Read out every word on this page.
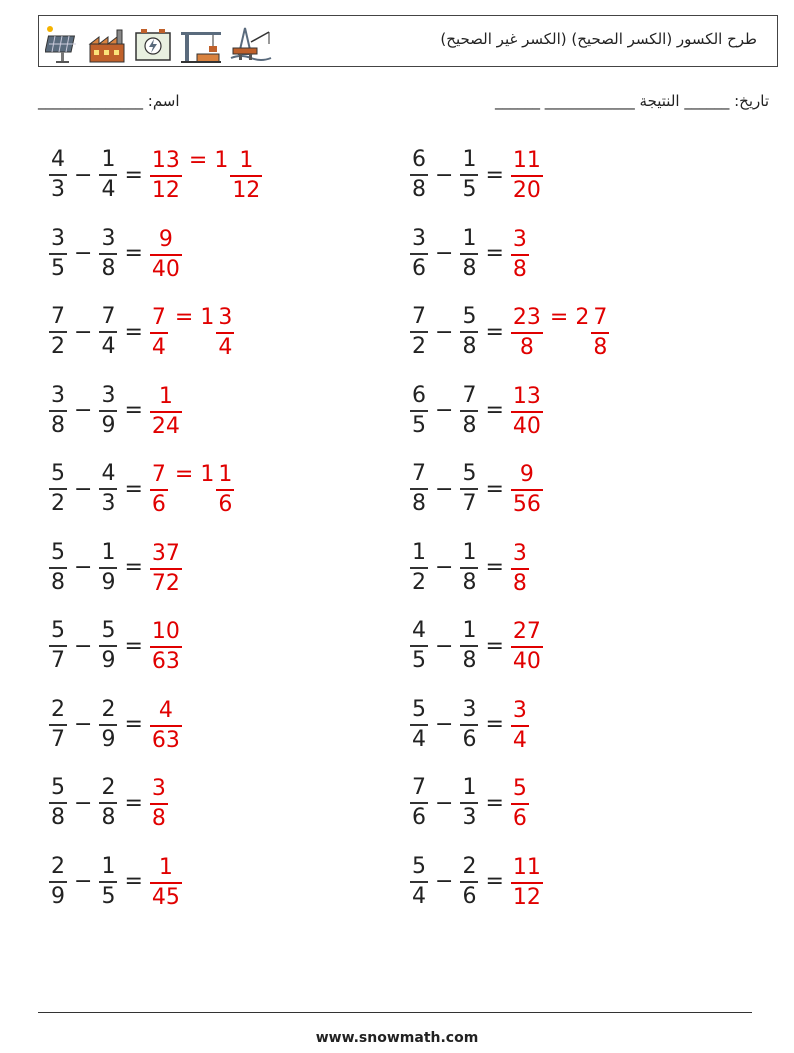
طرح الكسور (الكسر الصحيح) (الكسر غير الصحيح)
اسم: ______________	تاريخ: ______ النتيجة ____________ ______
$\frac{4}{3} - \frac{1}{4} = \frac{13}{12} = 1 \frac{1}{12}$	$\frac{6}{8} - \frac{1}{5} = \frac{11}{20}$
$\frac{3}{5} - \frac{3}{8} = \frac{9}{40}$	$\frac{3}{6} - \frac{1}{8} = \frac{3}{8}$
$\frac{7}{2} - \frac{7}{4} = \frac{7}{4} = 1 \frac{3}{4}$	$\frac{7}{2} - \frac{5}{8} = \frac{23}{8} = 2 \frac{7}{8}$
$\frac{3}{8} - \frac{3}{9} = \frac{1}{24}$	$\frac{6}{5} - \frac{7}{8} = \frac{13}{40}$
$\frac{5}{2} - \frac{4}{3} = \frac{7}{6} = 1 \frac{1}{6}$	$\frac{7}{8} - \frac{5}{7} = \frac{9}{56}$
$\frac{5}{8} - \frac{1}{9} = \frac{37}{72}$	$\frac{1}{2} - \frac{1}{8} = \frac{3}{8}$
$\frac{5}{7} - \frac{5}{9} = \frac{10}{63}$	$\frac{4}{5} - \frac{1}{8} = \frac{27}{40}$
$\frac{2}{7} - \frac{2}{9} = \frac{4}{63}$	$\frac{5}{4} - \frac{3}{6} = \frac{3}{4}$
$\frac{5}{8} - \frac{2}{8} = \frac{3}{8}$	$\frac{7}{6} - \frac{1}{3} = \frac{5}{6}$
$\frac{2}{9} - \frac{1}{5} = \frac{1}{45}$	$\frac{5}{4} - \frac{2}{6} = \frac{11}{12}$
www.snowmath.com
